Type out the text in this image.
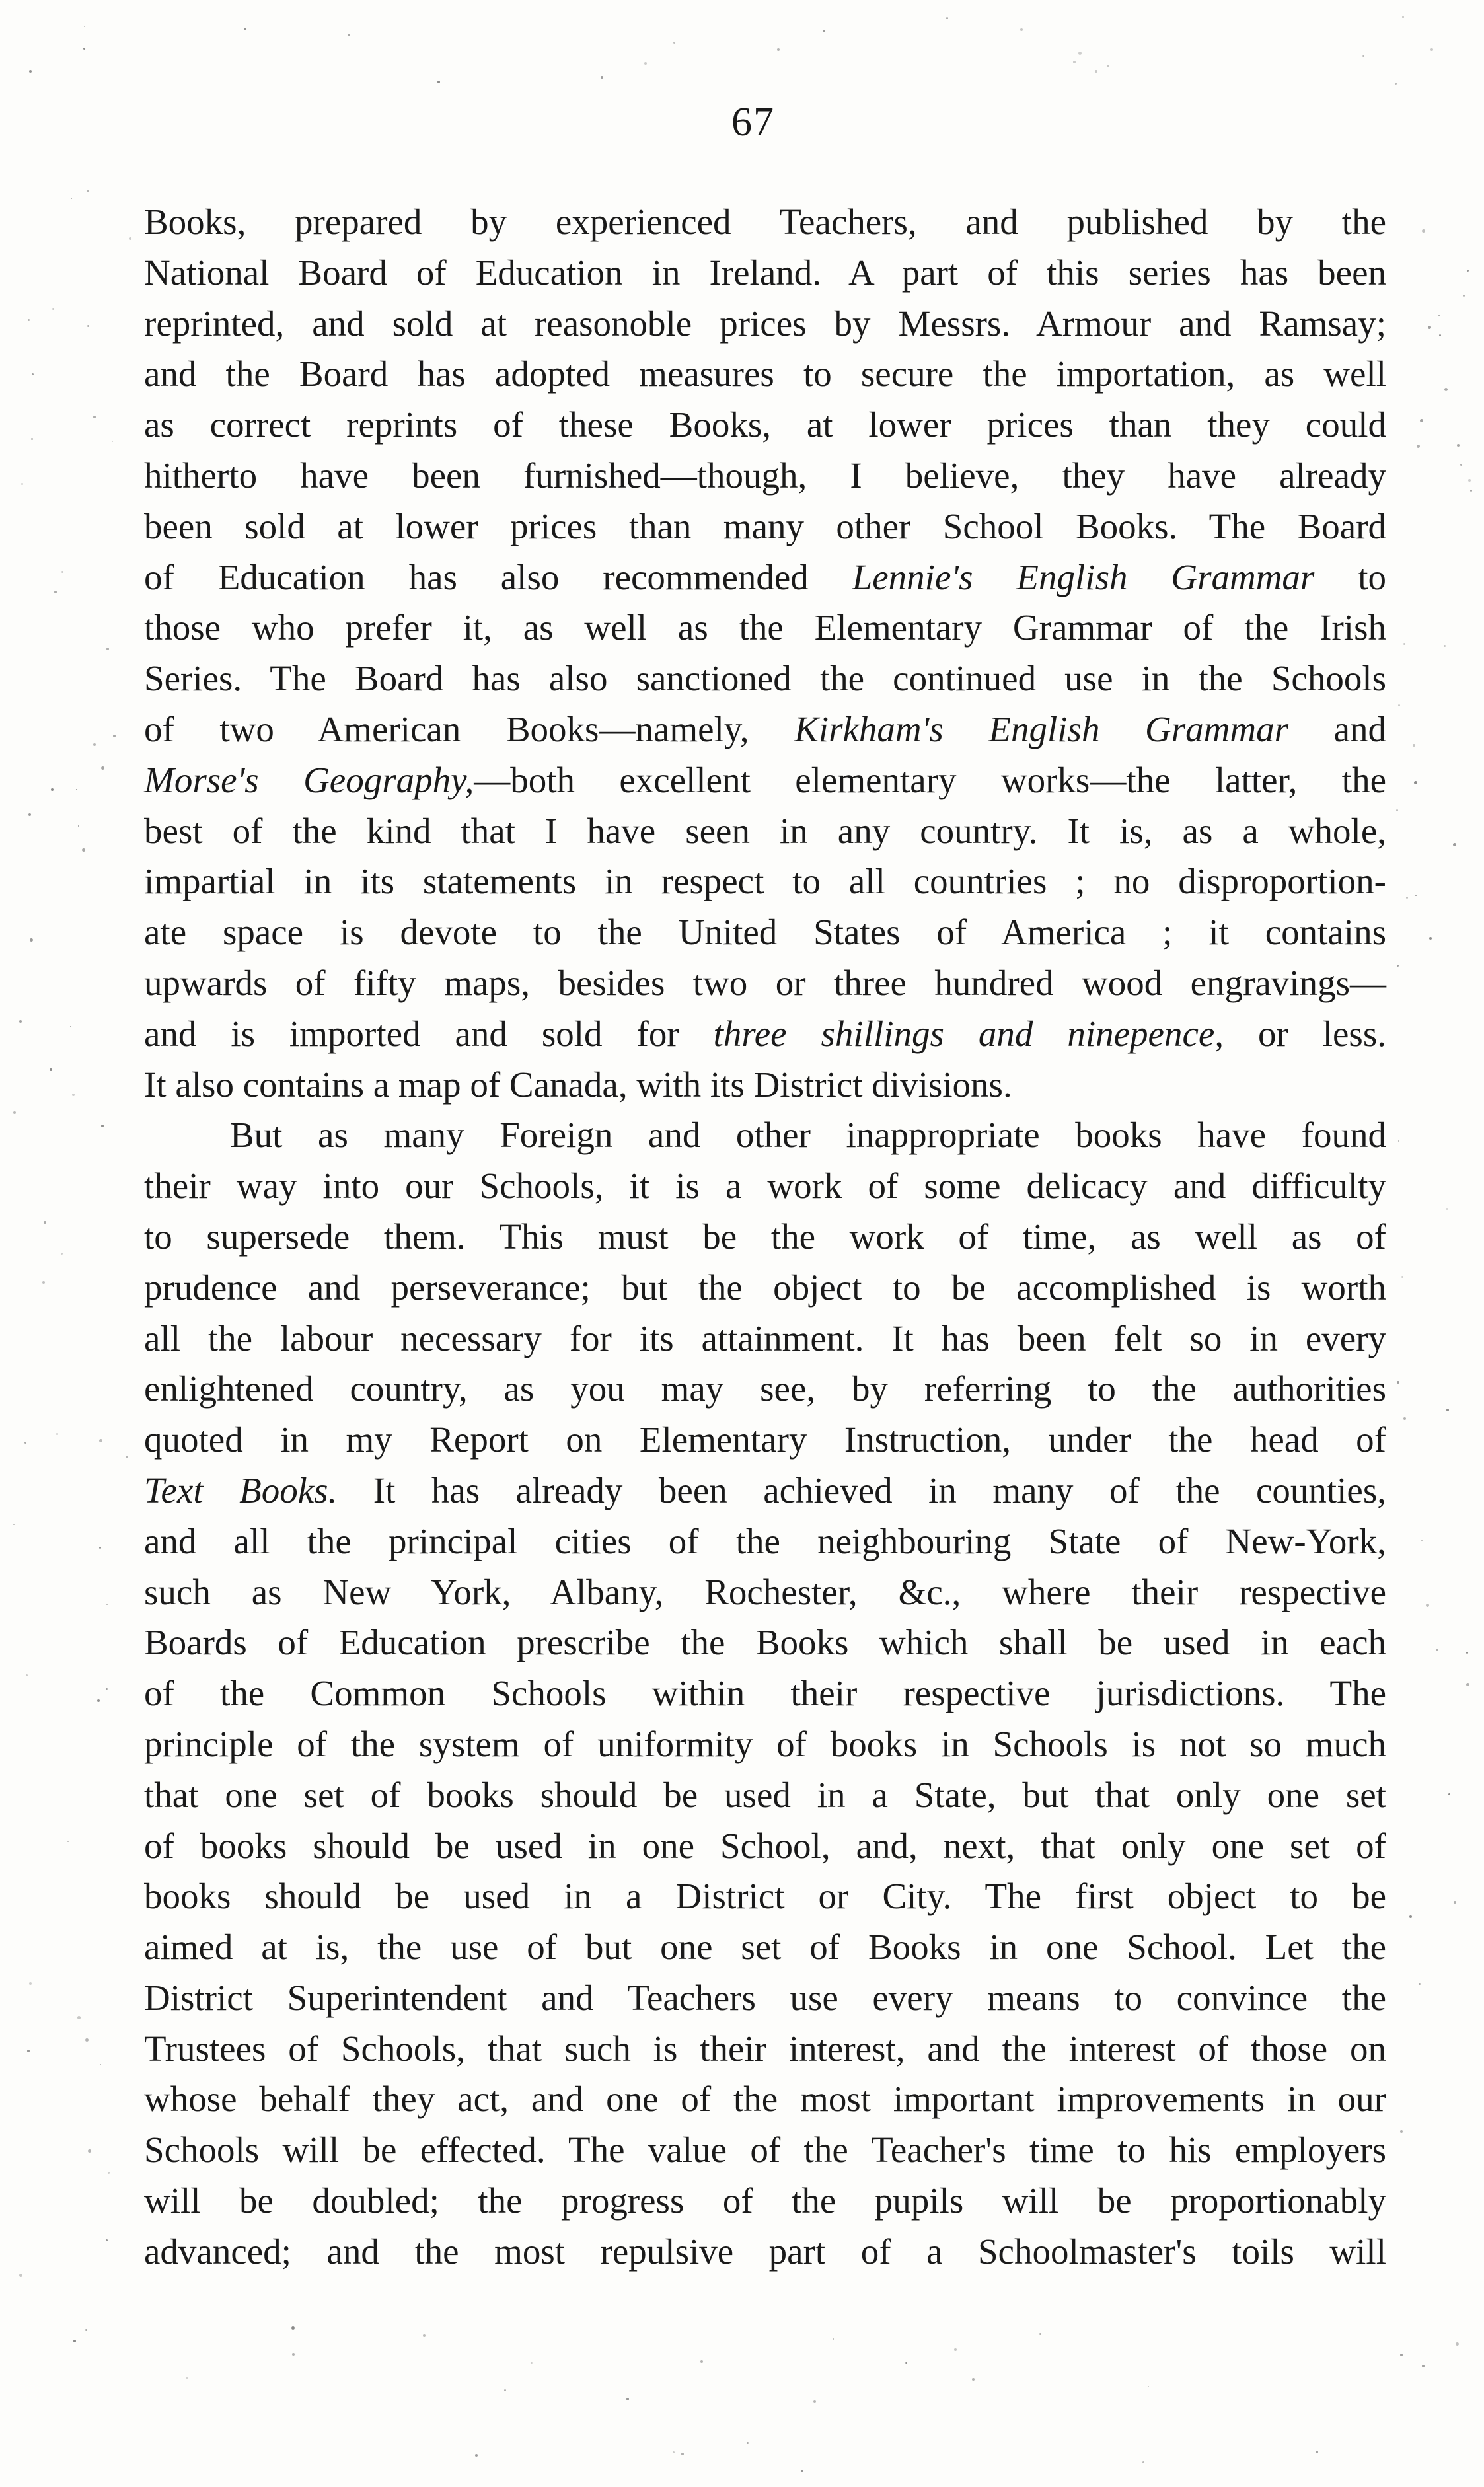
67
Books, prepared by experienced Teachers, and published by the
National Board of Education in Ireland. A part of this series has been
reprinted, and sold at reasonoble prices by Messrs. Armour and Ramsay;
and the Board has adopted measures to secure the importation, as well
as correct reprints of these Books, at lower prices than they could
hitherto have been furnished—though, I believe, they have already
been sold at lower prices than many other School Books. The Board
of Education has also recommended Lennie's English Grammar to
those who prefer it, as well as the Elementary Grammar of the Irish
Series. The Board has also sanctioned the continued use in the Schools
of two American Books—namely, Kirkham's English Grammar and
Morse's Geography,—both excellent elementary works—the latter, the
best of the kind that I have seen in any country. It is, as a whole,
impartial in its statements in respect to all countries ; no disproportion-
ate space is devote to the United States of America ; it contains
upwards of fifty maps, besides two or three hundred wood engravings—
and is imported and sold for three shillings and ninepence, or less.
It also contains a map of Canada, with its District divisions.
But as many Foreign and other inappropriate books have found
their way into our Schools, it is a work of some delicacy and difficulty
to supersede them. This must be the work of time, as well as of
prudence and perseverance; but the object to be accomplished is worth
all the labour necessary for its attainment. It has been felt so in every
enlightened country, as you may see, by referring to the authorities
quoted in my Report on Elementary Instruction, under the head of
Text Books. It has already been achieved in many of the counties,
and all the principal cities of the neighbouring State of New-York,
such as New York, Albany, Rochester, &c., where their respective
Boards of Education prescribe the Books which shall be used in each
of the Common Schools within their respective jurisdictions. The
principle of the system of uniformity of books in Schools is not so much
that one set of books should be used in a State, but that only one set
of books should be used in one School, and, next, that only one set of
books should be used in a District or City. The first object to be
aimed at is, the use of but one set of Books in one School. Let the
District Superintendent and Teachers use every means to convince the
Trustees of Schools, that such is their interest, and the interest of those on
whose behalf they act, and one of the most important improvements in our
Schools will be effected. The value of the Teacher's time to his employers
will be doubled; the progress of the pupils will be proportionably
advanced; and the most repulsive part of a Schoolmaster's toils will
